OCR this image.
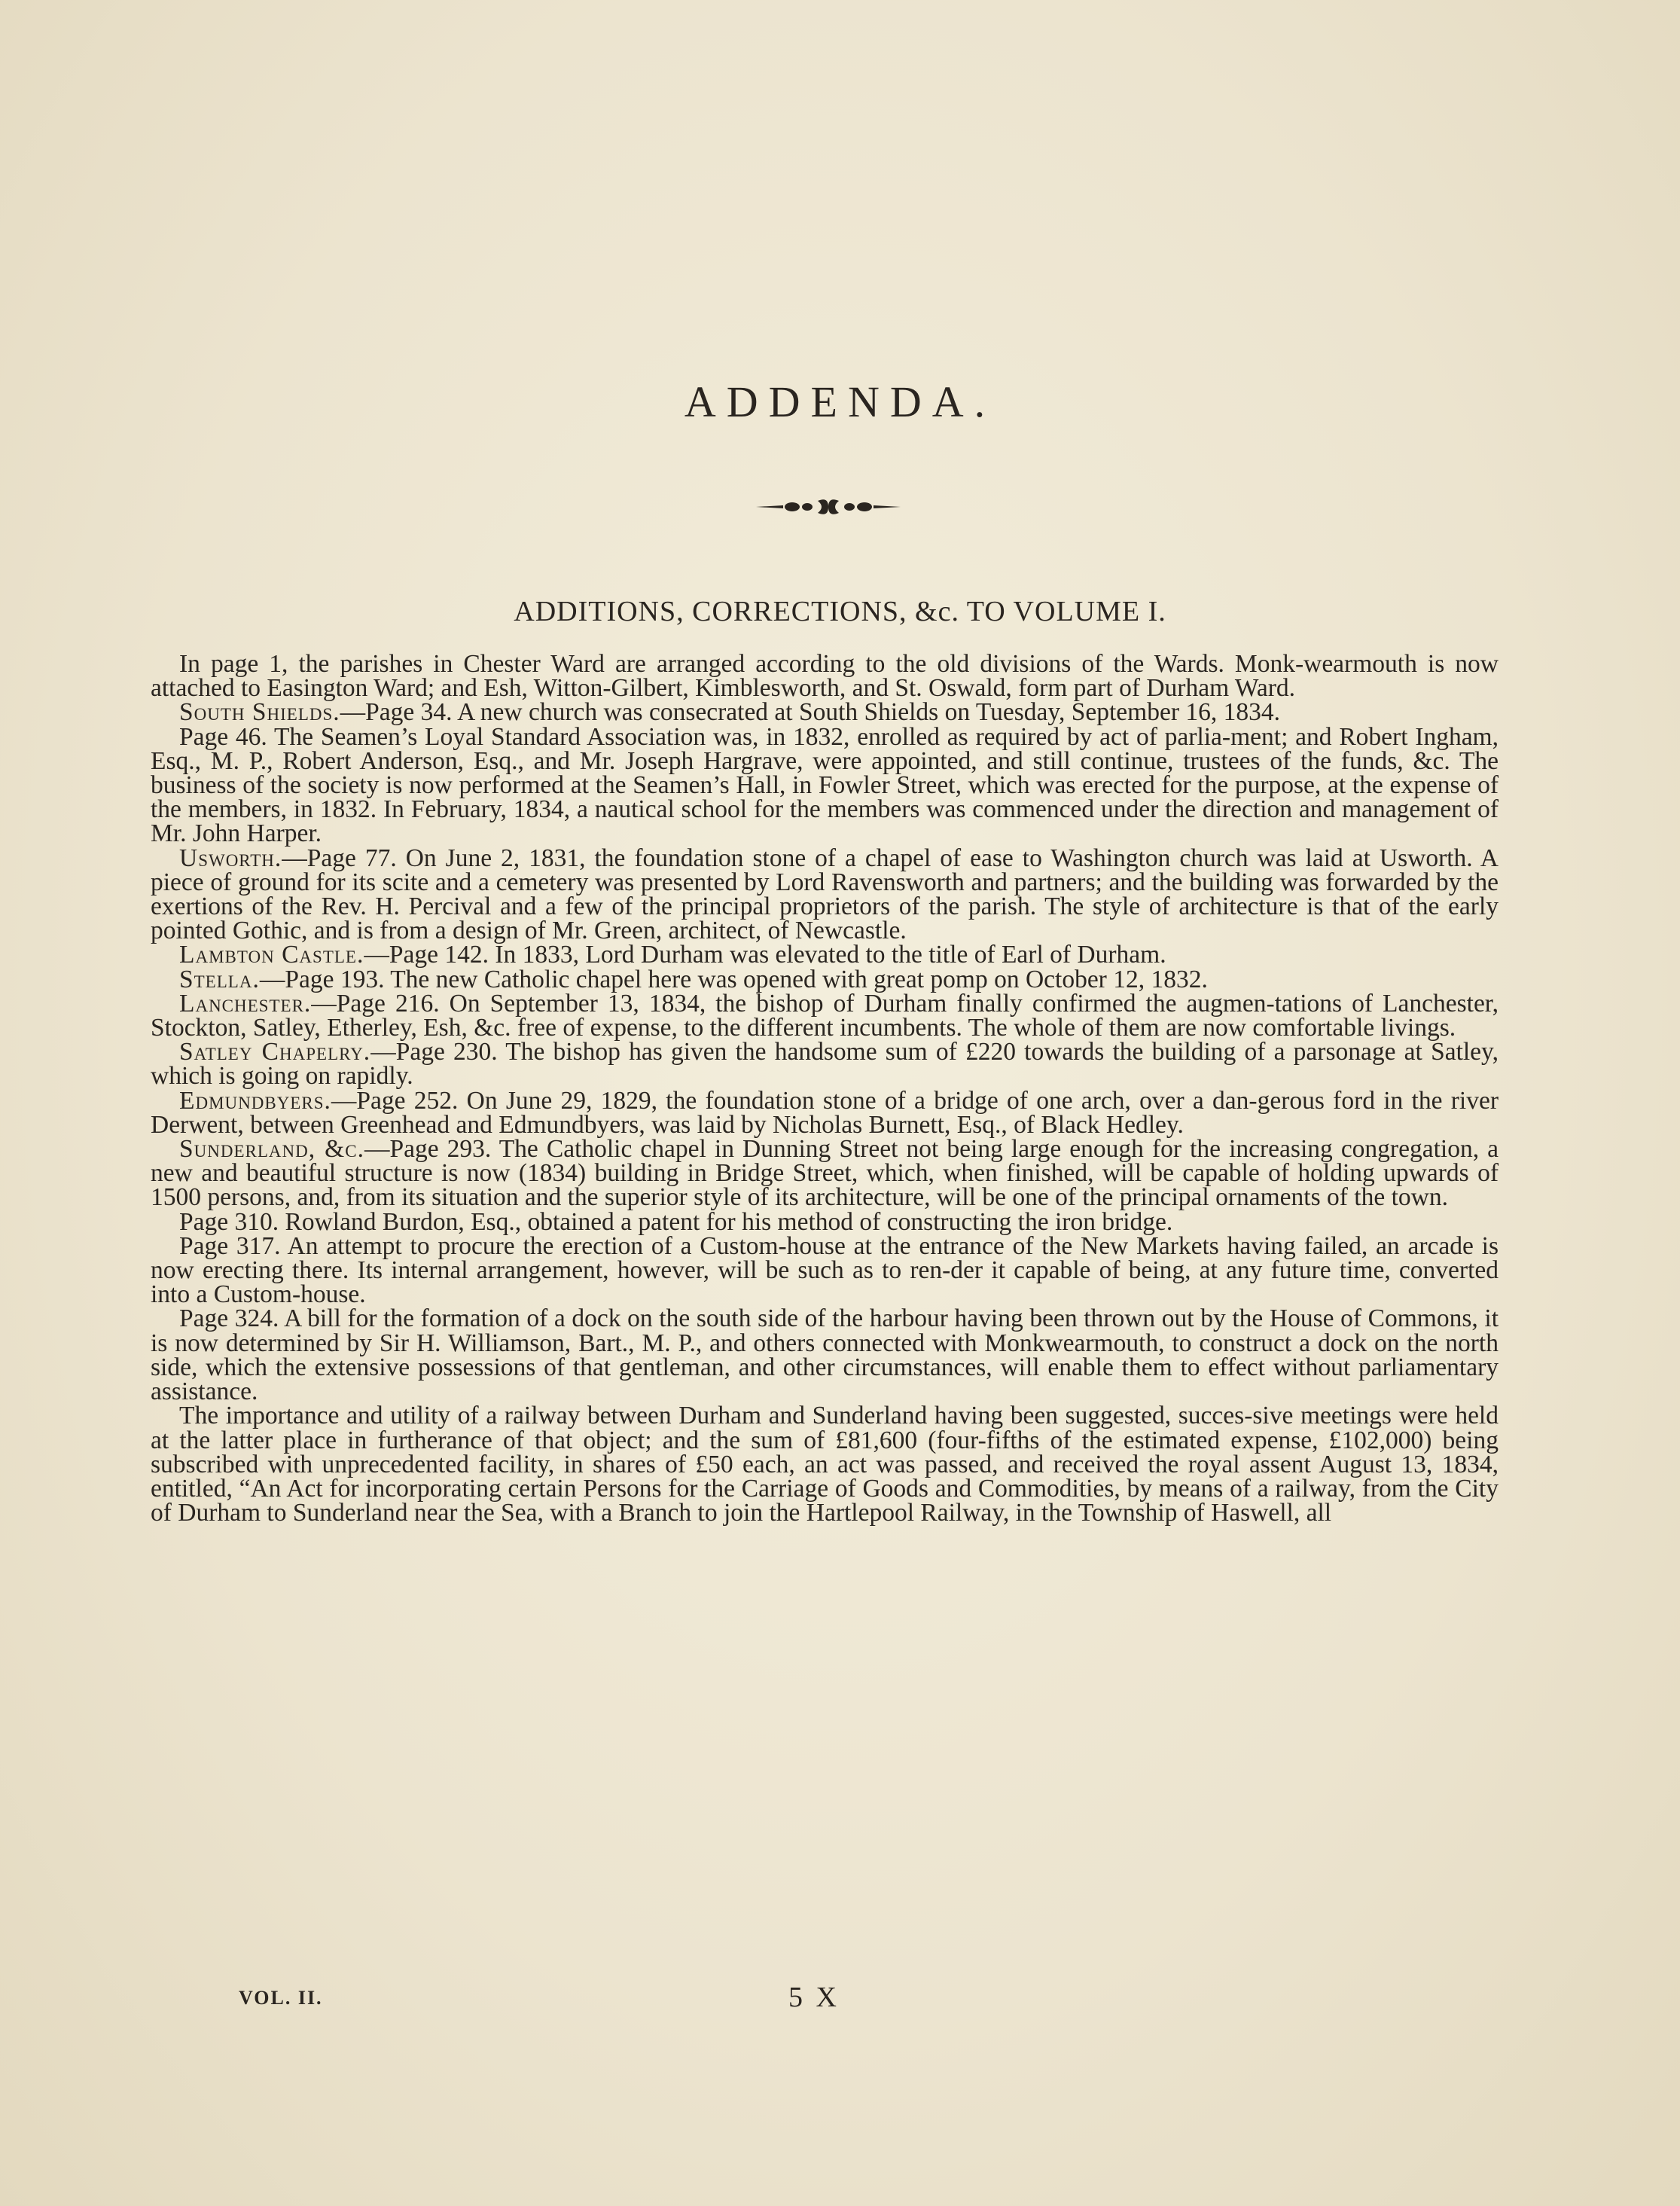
ADDENDA.
ADDITIONS, CORRECTIONS, &c. TO VOLUME I.

In page 1, the parishes in Chester Ward are arranged according to the old divisions of the Wards. Monk-wearmouth is now attached to Easington Ward; and Esh, Witton-Gilbert, Kimblesworth, and St. Oswald, form part of Durham Ward.

South Shields.—Page 34. A new church was consecrated at South Shields on Tuesday, September 16, 1834.

Page 46. The Seamen’s Loyal Standard Association was, in 1832, enrolled as required by act of parlia-ment; and Robert Ingham, Esq., M. P., Robert Anderson, Esq., and Mr. Joseph Hargrave, were appointed, and still continue, trustees of the funds, &c. The business of the society is now performed at the Seamen’s Hall, in Fowler Street, which was erected for the purpose, at the expense of the members, in 1832. In February, 1834, a nautical school for the members was commenced under the direction and management of Mr. John Harper.

Usworth.—Page 77. On June 2, 1831, the foundation stone of a chapel of ease to Washington church was laid at Usworth. A piece of ground for its scite and a cemetery was presented by Lord Ravensworth and partners; and the building was forwarded by the exertions of the Rev. H. Percival and a few of the principal proprietors of the parish. The style of architecture is that of the early pointed Gothic, and is from a design of Mr. Green, architect, of Newcastle.

Lambton Castle.—Page 142. In 1833, Lord Durham was elevated to the title of Earl of Durham.

Stella.—Page 193. The new Catholic chapel here was opened with great pomp on October 12, 1832.

Lanchester.—Page 216. On September 13, 1834, the bishop of Durham finally confirmed the augmen-tations of Lanchester, Stockton, Satley, Etherley, Esh, &c. free of expense, to the different incumbents. The whole of them are now comfortable livings.

Satley Chapelry.—Page 230. The bishop has given the handsome sum of £220 towards the building of a parsonage at Satley, which is going on rapidly.

Edmundbyers.—Page 252. On June 29, 1829, the foundation stone of a bridge of one arch, over a dan-gerous ford in the river Derwent, between Greenhead and Edmundbyers, was laid by Nicholas Burnett, Esq., of Black Hedley.

Sunderland, &c.—Page 293. The Catholic chapel in Dunning Street not being large enough for the increasing congregation, a new and beautiful structure is now (1834) building in Bridge Street, which, when finished, will be capable of holding upwards of 1500 persons, and, from its situation and the superior style of its architecture, will be one of the principal ornaments of the town.

Page 310. Rowland Burdon, Esq., obtained a patent for his method of constructing the iron bridge.

Page 317. An attempt to procure the erection of a Custom-house at the entrance of the New Markets having failed, an arcade is now erecting there. Its internal arrangement, however, will be such as to ren-der it capable of being, at any future time, converted into a Custom-house.

Page 324. A bill for the formation of a dock on the south side of the harbour having been thrown out by the House of Commons, it is now determined by Sir H. Williamson, Bart., M. P., and others connected with Monkwearmouth, to construct a dock on the north side, which the extensive possessions of that gentleman, and other circumstances, will enable them to effect without parliamentary assistance.

The importance and utility of a railway between Durham and Sunderland having been suggested, succes-sive meetings were held at the latter place in furtherance of that object; and the sum of £81,600 (four-fifths of the estimated expense, £102,000) being subscribed with unprecedented facility, in shares of £50 each, an act was passed, and received the royal assent August 13, 1834, entitled, “An Act for incorporating certain Persons for the Carriage of Goods and Commodities, by means of a railway, from the City of Durham to Sunderland near the Sea, with a Branch to join the Hartlepool Railway, in the Township of Haswell, all

VOL. II.	5 X
